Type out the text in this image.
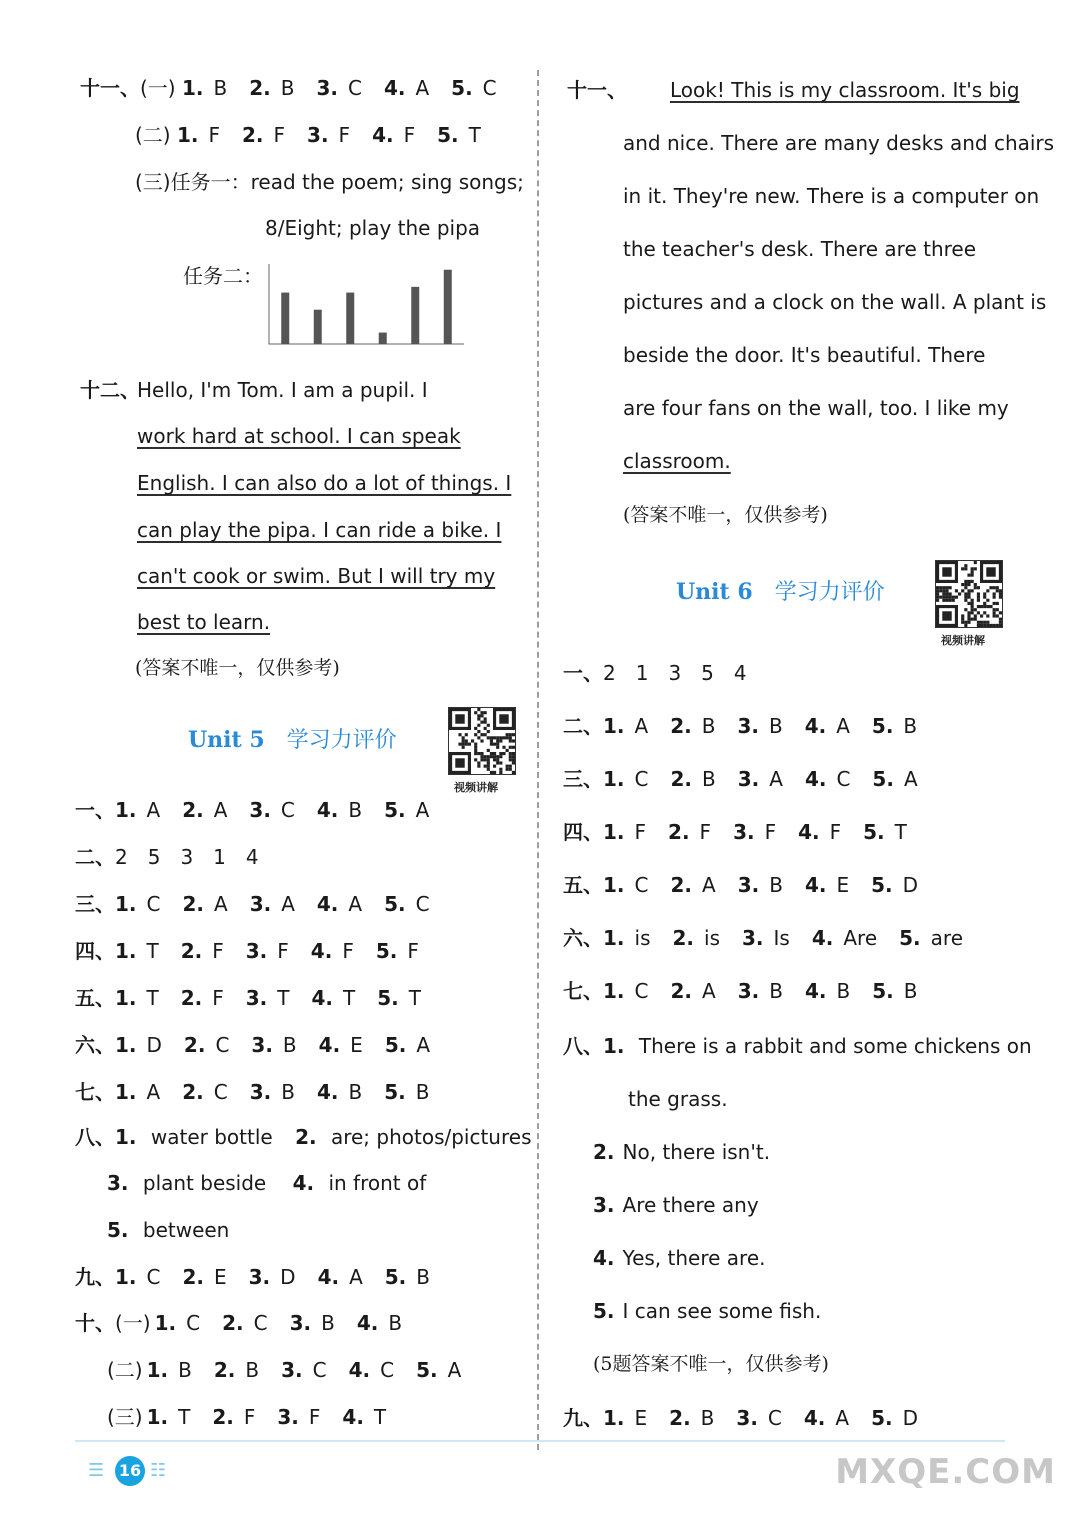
十一、(一) 1. B 2. B 3. C 4. A 5. C
(二) 1. F 2. F 3. F 4. F 5. T
(三)任务一：read the poem; sing songs;
8/Eight; play the pipa
任务二：
十二、
Hello, I'm Tom. I am a pupil. I
work hard at school. I can speak
English. I can also do a lot of things. I
can play the pipa. I can ride a bike. I
can't cook or swim. But I will try my
best to learn.
(答案不唯一，仅供参考)
Unit 5 学习力评价
视频讲解
一、1. A 2. A 3. C 4. B 5. A
二、2　5　3　1　4
三、1. C 2. A 3. A 4. A 5. C
四、1. T 2. F 3. F 4. F 5. F
五、1. T 2. F 3. T 4. T 5. T
六、1. D 2. C 3. B 4. E 5. A
七、1. A 2. C 3. B 4. B 5. B
八、1. water bottle 2. are; photos/pictures
3. plant beside 4. in front of
5. between
九、1. C 2. E 3. D 4. A 5. B
十、(一) 1. C 2. C 3. B 4. B
(二) 1. B 2. B 3. C 4. C 5. A
(三) 1. T 2. F 3. F 4. T
十一、 Look! This is my classroom. It's big
and nice. There are many desks and chairs
in it. They're new. There is a computer on
the teacher's desk. There are three
pictures and a clock on the wall. A plant is
beside the door. It's beautiful. There
are four fans on the wall, too. I like my
classroom.
(答案不唯一，仅供参考)
Unit 6 学习力评价
视频讲解
一、2　1　3　5　4
二、1. A 2. B 3. B 4. A 5. B
三、1. C 2. B 3. A 4. C 5. A
四、1. F 2. F 3. F 4. F 5. T
五、1. C 2. A 3. B 4. E 5. D
六、1. is 2. is 3. Is 4. Are 5. are
七、1. C 2. A 3. B 4. B 5. B
八、1. There is a rabbit and some chickens on
the grass.
2. No, there isn't.
3. Are there any
4. Yes, there are.
5. I can see some fish.
(5题答案不唯一，仅供参考)
九、1. E 2. B 3. C 4. A 5. D
☰ 16 ☷	MXQE.COM
